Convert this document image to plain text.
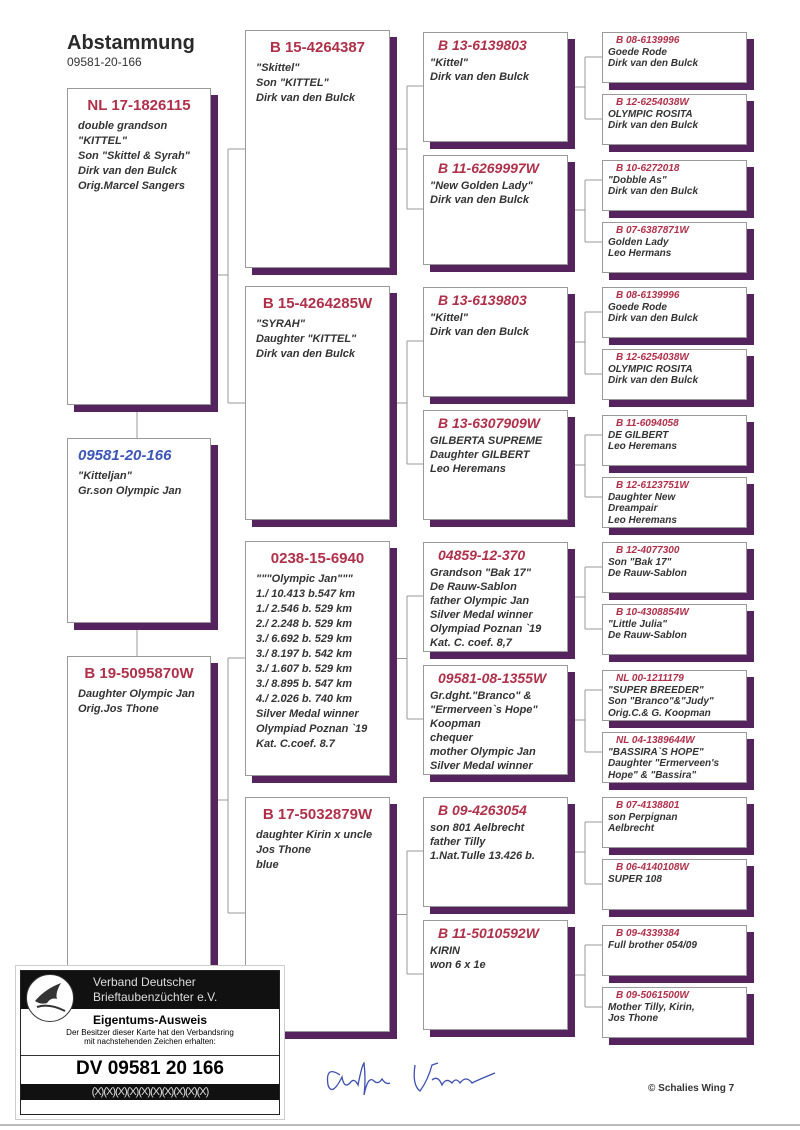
Abstammung
09581-20-166
NL 17-1826115
double grandson
"KITTEL"
Son "Skittel & Syrah"
Dirk van den Bulck
Orig.Marcel Sangers
09581-20-166
"Kitteljan"
Gr.son Olympic Jan
B 19-5095870W
Daughter Olympic Jan
Orig.Jos Thone
B 15-4264387
"Skittel"
Son "KITTEL"
Dirk van den Bulck
B 15-4264285W
"SYRAH"
Daughter "KITTEL"
Dirk van den Bulck
0238-15-6940
"""Olympic Jan"""
1./ 10.413 b.547 km
1./ 2.546 b. 529 km
2./ 2.248 b. 529 km
3./ 6.692 b. 529 km
3./ 8.197 b. 542 km
3./ 1.607 b. 529 km
3./ 8.895 b. 547 km
4./ 2.026 b. 740 km
Silver Medal winner
Olympiad Poznan `19
Kat. C.coef. 8.7
B 17-5032879W
daughter Kirin x uncle
Jos Thone
blue
B 13-6139803
"Kittel"
Dirk van den Bulck
B 11-6269997W
"New Golden Lady"
Dirk van den Bulck
B 13-6139803
"Kittel"
Dirk van den Bulck
B 13-6307909W
GILBERTA SUPREME
Daughter GILBERT
Leo Heremans
04859-12-370
Grandson "Bak 17"
De Rauw-Sablon
father Olympic Jan
Silver Medal winner
Olympiad Poznan `19
Kat. C. coef. 8,7
09581-08-1355W
Gr.dght."Branco" &
"Ermerveen`s Hope"
Koopman
chequer
mother Olympic Jan
Silver Medal winner
B 09-4263054
son 801 Aelbrecht
father Tilly
1.Nat.Tulle 13.426 b.
B 11-5010592W
KIRIN
won 6 x 1e
B 08-6139996
Goede Rode
Dirk van den Bulck
B 12-6254038W
OLYMPIC ROSITA
Dirk van den Bulck
B 10-6272018
"Dobble As"
Dirk van den Bulck
B 07-6387871W
Golden Lady
Leo Hermans
B 08-6139996
Goede Rode
Dirk van den Bulck
B 12-6254038W
OLYMPIC ROSITA
Dirk van den Bulck
B 11-6094058
DE GILBERT
Leo Heremans
B 12-6123751W
Daughter New
Dreampair
Leo Heremans
B 12-4077300
Son "Bak 17"
De Rauw-Sablon
B 10-4308854W
"Little Julia"
De Rauw-Sablon
NL 00-1211179
"SUPER BREEDER"
Son "Branco"&"Judy"
Orig.C.& G. Koopman
NL 04-1389644W
"BASSIRA`S HOPE"
Daughter "Ermerveen's
Hope" & "Bassira"
B 07-4138801
son Perpignan
Aelbrecht
B 06-4140108W
SUPER 108
B 09-4339384
Full brother 054/09
B 09-5061500W
Mother Tilly, Kirin,
Jos Thone
Verband Deutscher
Brieftaubenzüchter e.V.
Eigentums-Ausweis
Der Besitzer dieser Karte hat den Verbandsring
mit nachstehenden Zeichen erhalten:
DV 09581 20 166
(X)(X)(X)(X)(X)(X)(X)(X)(X)(X)	© Schalies Wing 7
